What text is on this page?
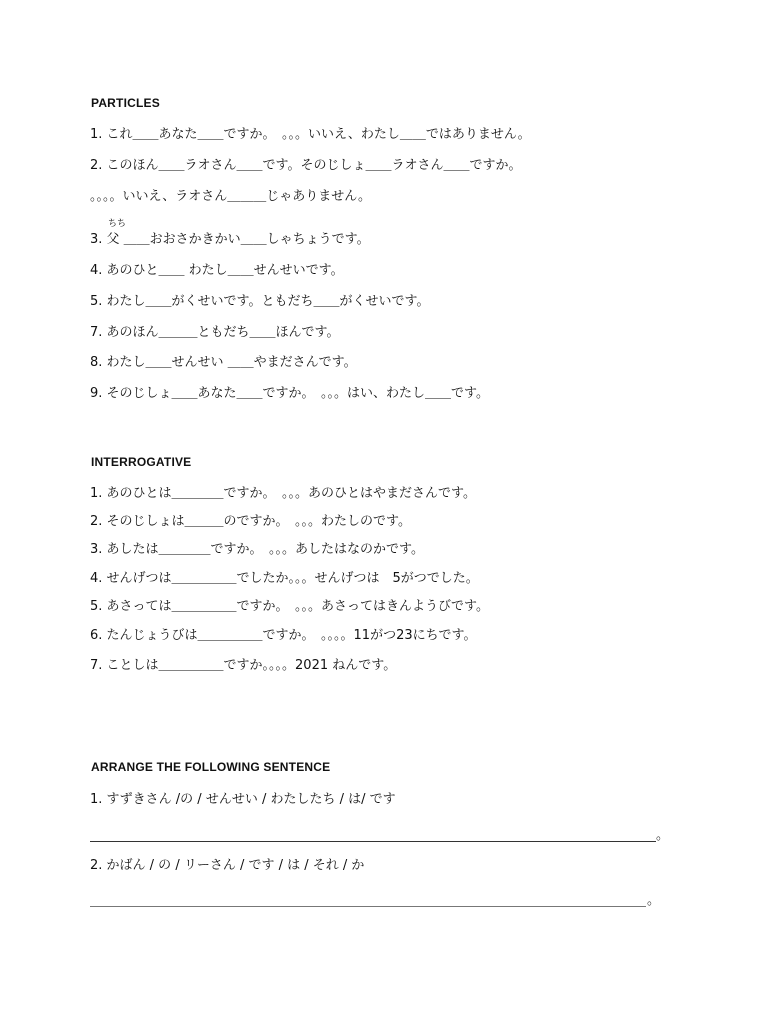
PARTICLES
1. これ＿＿あなた＿＿ですか。　。。。いいえ、わたし＿＿ではありません。
2. このほん＿＿ラオさん＿＿です。そのじしょ＿＿ラオさん＿＿ですか。
。。。。いいえ、ラオさん＿＿＿じゃありません。
ちち
3. 父 ＿＿おおさかきかい＿＿しゃちょうです。
4. あのひと＿＿ わたし＿＿せんせいです。
5. わたし＿＿がくせいです。ともだち＿＿がくせいです。
7. あのほん＿＿＿ともだち＿＿ほんです。
8. わたし＿＿せんせい ＿＿やまださんです。
9. そのじしょ＿＿あなた＿＿ですか。　。。。はい、わたし＿＿です。
INTERROGATIVE
1. あのひとは＿＿＿＿ですか。　。。。あのひとはやまださんです。
2. そのじしょは＿＿＿のですか。　。。。わたしのです。
3. あしたは＿＿＿＿ですか。　。。。あしたはなのかです。
4. せんげつは＿＿＿＿＿でしたか。。。せんげつは　5がつでした。
5. あさっては＿＿＿＿＿ですか。　。。。あさってはきんようびです。
6. たんじょうびは＿＿＿＿＿ですか。　。。。。11がつ23にちです。
7. ことしは＿＿＿＿＿ですか。。。。2021 ねんです。
ARRANGE THE FOLLOWING SENTENCE
1. すずきさん /の / せんせい / わたしたち / は/ です
。
2. かばん / の / リーさん / です / は / それ / か
。
